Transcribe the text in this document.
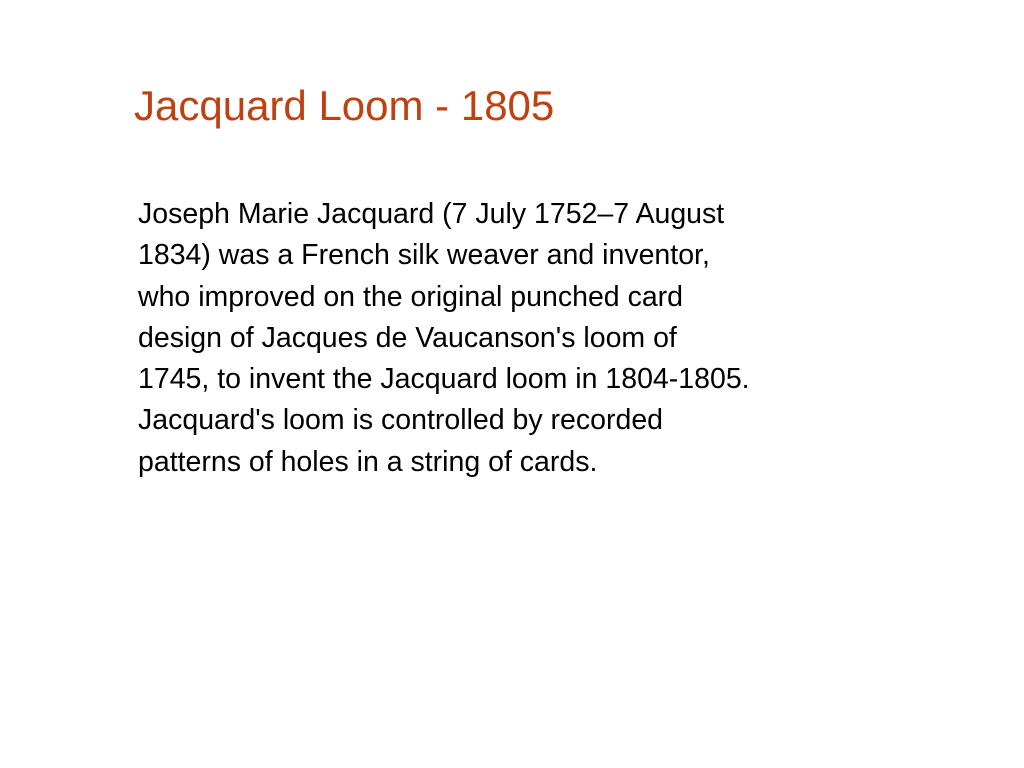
Jacquard Loom - 1805

Joseph Marie Jacquard (7 July 1752–7 August
1834) was a French silk weaver and inventor,
who improved on the original punched card
design of Jacques de Vaucanson's loom of
1745, to invent the Jacquard loom in 1804-1805.
Jacquard's loom is controlled by recorded
patterns of holes in a string of cards.
